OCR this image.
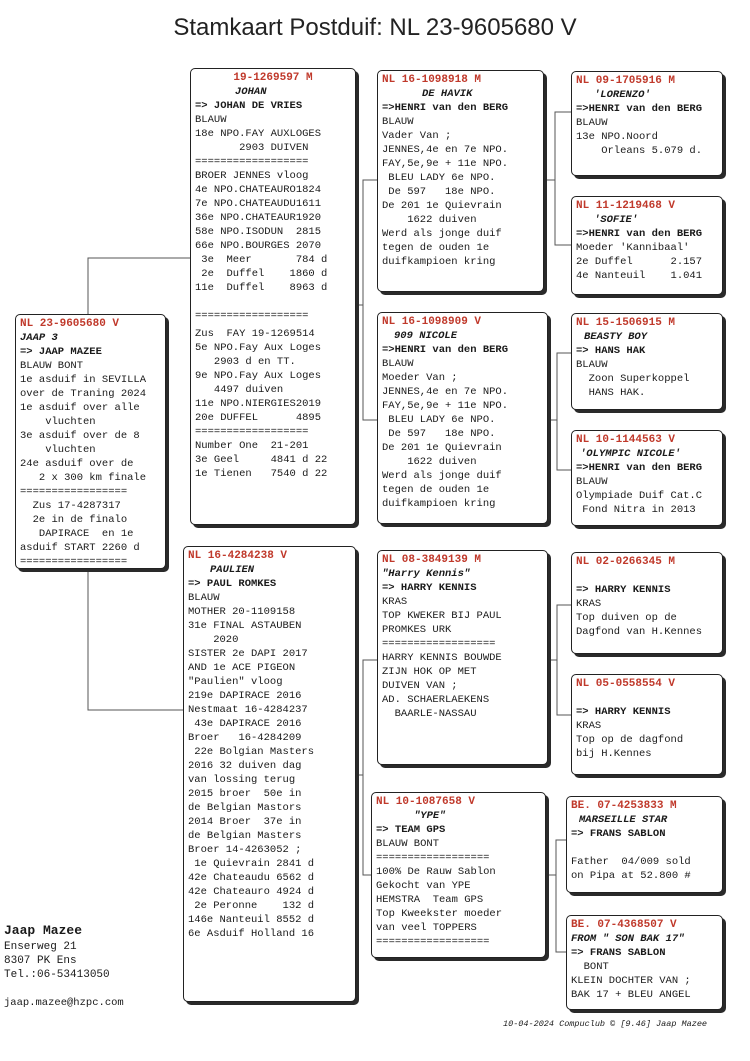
Stamkaart Postduif: NL 23-9605680 V
NL 23-9605680 V
JAAP 3
=> JAAP MAZEE
BLAUW BONT
1e asduif in SEVILLA
over de Traning 2024
1e asduif over alle
vluchten
3e asduif over de 8
vluchten
24e asduif over de
2 x 300 km finale
=================
Zus 17-4287317
2e in de finalo
DAPIRACE  en 1e
asduif START 2260 d
=================
19-1269597 M
JOHAN
=> JOHAN DE VRIES
BLAUW
18e NPO.FAY AUXLOGES
2903 DUIVEN
==================
BROER JENNES vloog
4e NPO.CHATEAURO1824
7e NPO.CHATEAUDU1611
36e NPO.CHATEAUR1920
58e NPO.ISODUN  2815
66e NPO.BOURGES 2070
3e  Meer       784 d
2e  Duffel    1860 d
11e  Duffel    8963 d
==================
Zus  FAY 19-1269514
5e NPO.Fay Aux Loges
2903 d en TT.
9e NPO.Fay Aux Loges
4497 duiven
11e NPO.NIERGIES2019
20e DUFFEL      4895
==================
Number One  21-201
3e Geel     4841 d 22
1e Tienen   7540 d 22
NL 16-4284238 V
PAULIEN
=> PAUL ROMKES
BLAUW
MOTHER 20-1109158
31e FINAL ASTAUBEN
2020
SISTER 2e DAPI 2017
AND 1e ACE PIGEON
"Paulien" vloog
219e DAPIRACE 2016
Nestmaat 16-4284237
43e DAPIRACE 2016
Broer   16-4284209
22e Bolgian Masters
2016 32 duiven dag
van lossing terug
2015 broer  50e in
de Belgian Mastors
2014 Broer  37e in
de Belgian Masters
Broer 14-4263052 ;
1e Quievrain 2841 d
42e Chateaudu 6562 d
42e Chateauro 4924 d
2e Peronne    132 d
146e Nanteuil 8552 d
6e Asduif Holland 16
NL 16-1098918 M
DE HAVIK
=>HENRI van den BERG
BLAUW
Vader Van ;
JENNES,4e en 7e NPO.
FAY,5e,9e + 11e NPO.
BLEU LADY 6e NPO.
De 597   18e NPO.
De 201 1e Quievrain
1622 duiven
Werd als jonge duif
tegen de ouden 1e
duifkampioen kring
NL 16-1098909 V
909 NICOLE
=>HENRI van den BERG
BLAUW
Moeder Van ;
JENNES,4e en 7e NPO.
FAY,5e,9e + 11e NPO.
BLEU LADY 6e NPO.
De 597   18e NPO.
De 201 1e Quievrain
1622 duiven
Werd als jonge duif
tegen de ouden 1e
duifkampioen kring
NL 08-3849139 M
"Harry Kennis"
=> HARRY KENNIS
KRAS
TOP KWEKER BIJ PAUL
PROMKES URK
==================
HARRY KENNIS BOUWDE
ZIJN HOK OP MET
DUIVEN VAN ;
AD. SCHAERLAEKENS
BAARLE-NASSAU
NL 10-1087658 V
"YPE"
=> TEAM GPS
BLAUW BONT
==================
100% De Rauw Sablon
Gekocht van YPE
HEMSTRA  Team GPS
Top Kweekster moeder
van veel TOPPERS
==================
NL 09-1705916 M
'LORENZO'
=>HENRI van den BERG
BLAUW
13e NPO.Noord
Orleans 5.079 d.
NL 11-1219468 V
'SOFIE'
=>HENRI van den BERG
Moeder 'Kannibaal'
2e Duffel      2.157
4e Nanteuil    1.041
NL 15-1506915 M
BEASTY BOY
=> HANS HAK
BLAUW
Zoon Superkoppel
HANS HAK.
NL 10-1144563 V
'OLYMPIC NICOLE'
=>HENRI van den BERG
BLAUW
Olympiade Duif Cat.C
Fond Nitra in 2013
NL 02-0266345 M

=> HARRY KENNIS
KRAS
Top duiven op de
Dagfond van H.Kennes
NL 05-0558554 V

=> HARRY KENNIS
KRAS
Top op de dagfond
bij H.Kennes
BE. 07-4253833 M
MARSEILLE STAR
=> FRANS SABLON

Father  04/009 sold
on Pipa at 52.800 #
BE. 07-4368507 V
FROM " SON BAK 17"
=> FRANS SABLON
BONT
KLEIN DOCHTER VAN ;
BAK 17 + BLEU ANGEL
Jaap Mazee
Enserweg 21
8307 PK Ens
Tel.:06-53413050
jaap.mazee@hzpc.com
10-04-2024 Compuclub © [9.46] Jaap Mazee
